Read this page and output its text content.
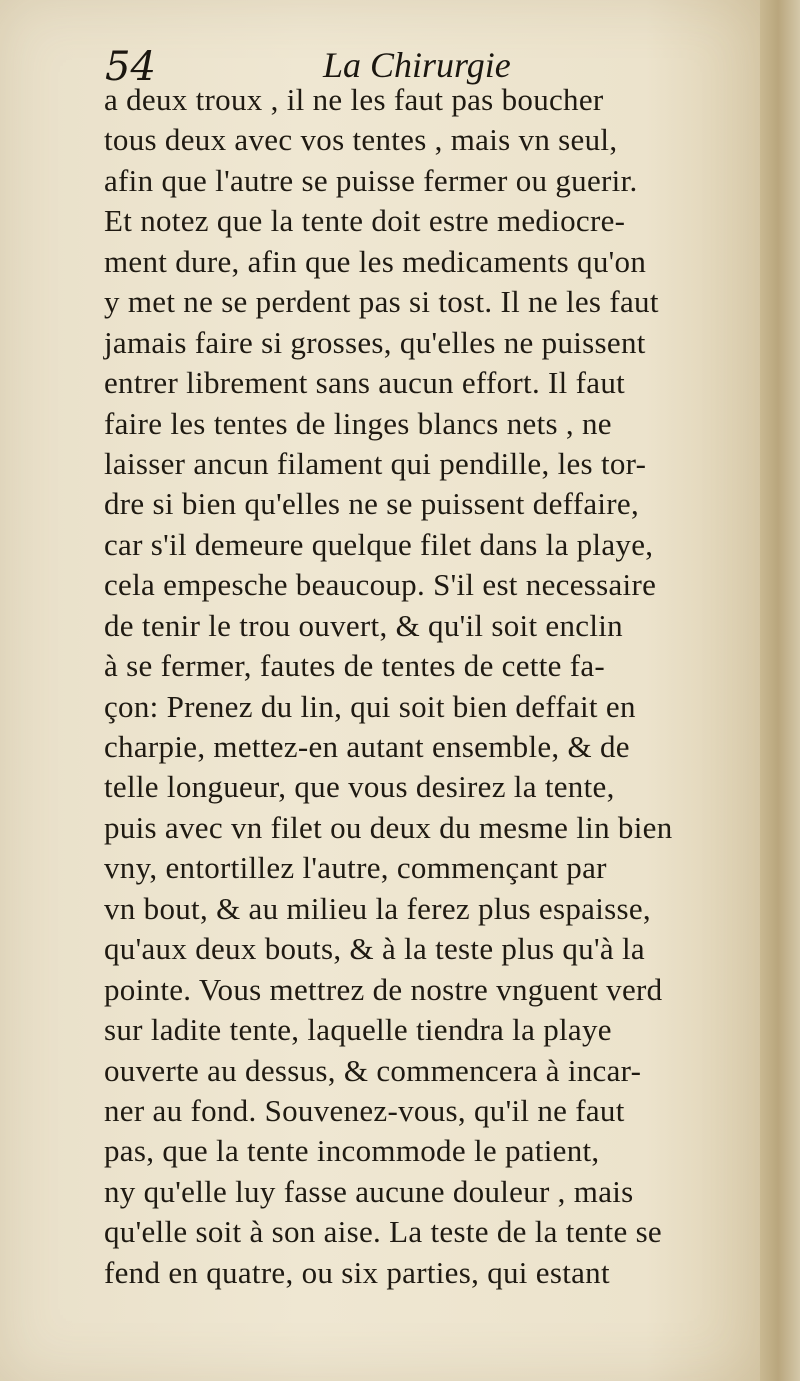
54	La Chirurgie
a deux troux , il ne les faut pas boucher
tous deux avec vos tentes , mais vn seul,
afin que l'autre se puisse fermer ou guerir.
Et notez que la tente doit estre mediocre-
ment dure, afin que les medicaments qu'on
y met ne se perdent pas si tost. Il ne les faut
jamais faire si grosses, qu'elles ne puissent
entrer librement sans aucun effort. Il faut
faire les tentes de linges blancs nets , ne
laisser ancun filament qui pendille, les tor-
dre si bien qu'elles ne se puissent deffaire,
car s'il demeure quelque filet dans la playe,
cela empesche beaucoup. S'il est necessaire
de tenir le trou ouvert, & qu'il soit enclin
à se fermer, fautes de tentes de cette fa-
çon: Prenez du lin, qui soit bien deffait en
charpie, mettez-en autant ensemble, & de
telle longueur, que vous desirez la tente,
puis avec vn filet ou deux du mesme lin bien
vny, entortillez l'autre, commençant par
vn bout, & au milieu la ferez plus espaisse,
qu'aux deux bouts, & à la teste plus qu'à la
pointe. Vous mettrez de nostre vnguent verd
sur ladite tente, laquelle tiendra la playe
ouverte au dessus, & commencera à incar-
ner au fond. Souvenez-vous, qu'il ne faut
pas, que la tente incommode le patient,
ny qu'elle luy fasse aucune douleur , mais
qu'elle soit à son aise. La teste de la tente se
fend en quatre, ou six parties, qui estant
